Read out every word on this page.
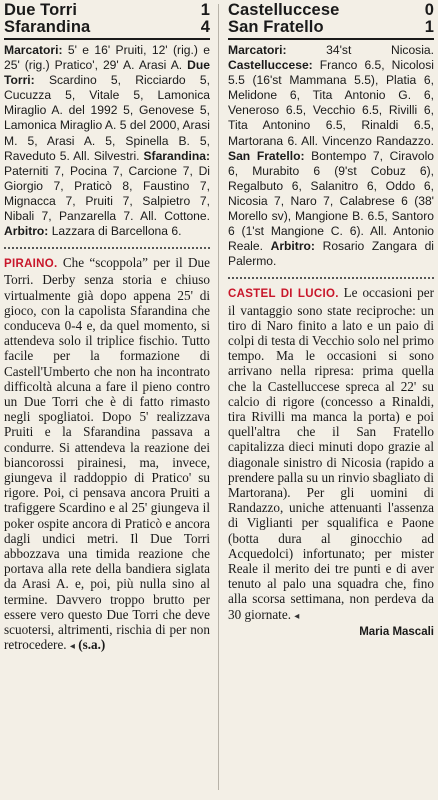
Due Torri	1
Sfarandina	4

Marcatori: 5' e 16' Pruiti, 12' (rig.) e 25' (rig.) Pratico', 29' A. Arasi A. Due Torri: Scardino 5, Ricciardo 5, Cucuzza 5, Vitale 5, Lamonica Miraglio A. del 1992 5, Genovese 5, Lamonica Miraglio A. 5 del 2000, Arasi M. 5, Arasi A. 5, Spinella B. 5, Raveduto 5. All. Silvestri. Sfarandina: Paterniti 7, Pocina 7, Carcione 7, Di Giorgio 7, Praticò 8, Faustino 7, Mignacca 7, Pruiti 7, Salpietro 7, Nibali 7, Panzarella 7. All. Cottone. Arbitro: Lazzara di Barcellona 6.

PIRAINO. Che “scoppola” per il Due Torri. Derby senza storia e chiuso virtualmente già dopo appena 25' di gioco, con la capolista Sfarandina che conduceva 0-4 e, da quel momento, si attendeva solo il triplice fischio. Tutto facile per la formazione di Castell'Umberto che non ha incontrato difficoltà alcuna a fare il pieno contro un Due Torri che è di fatto rimasto negli spogliatoi. Dopo 5' realizzava Pruiti e la Sfarandina passava a condurre. Si attendeva la reazione dei biancorossi pirainesi, ma, invece, giungeva il raddoppio di Pratico' su rigore. Poi, ci pensava ancora Pruiti a trafiggere Scardino e al 25' giungeva il poker ospite ancora di Praticò e ancora dagli undici metri. Il Due Torri abbozzava una timida reazione che portava alla rete della bandiera siglata da Arasi A. e, poi, più nulla sino al termine. Davvero troppo brutto per essere vero questo Due Torri che deve scuotersi, altrimenti, rischia di per non retrocedere. ◂ (s.a.)

Castelluccese	0
San Fratello	1

Marcatori: 34'st Nicosia. Castelluccese: Franco 6.5, Nicolosi 5.5 (16'st Mammana 5.5), Platia 6, Melidone 6, Tita Antonio G. 6, Veneroso 6.5, Vecchio 6.5, Rivilli 6, Tita Antonino 6.5, Rinaldi 6.5, Martorana 6. All. Vincenzo Randazzo. San Fratello: Bontempo 7, Ciravolo 6, Murabito 6 (9'st Cobuz 6), Regalbuto 6, Salanitro 6, Oddo 6, Nicosia 7, Naro 7, Calabrese 6 (38' Morello sv), Mangione B. 6.5, Santoro 6 (1'st Mangione C. 6). All. Antonio Reale. Arbitro: Rosario Zangara di Palermo.

CASTEL DI LUCIO. Le occasioni per il vantaggio sono state reciproche: un tiro di Naro finito a lato e un paio di colpi di testa di Vecchio solo nel primo tempo. Ma le occasioni si sono arrivano nella ripresa: prima quella che la Castelluccese spreca al 22' su calcio di rigore (concesso a Rinaldi, tira Rivilli ma manca la porta) e poi quell'altra che il San Fratello capitalizza dieci minuti dopo grazie al diagonale sinistro di Nicosia (rapido a prendere palla su un rinvio sbagliato di Martorana). Per gli uomini di Randazzo, uniche attenuanti l'assenza di Viglianti per squalifica e Paone (botta dura al ginocchio ad Acquedolci) infortunato; per mister Reale il merito dei tre punti e di aver tenuto al palo una squadra che, fino alla scorsa settimana, non perdeva da 30 giornate. ◂

Maria Mascali
